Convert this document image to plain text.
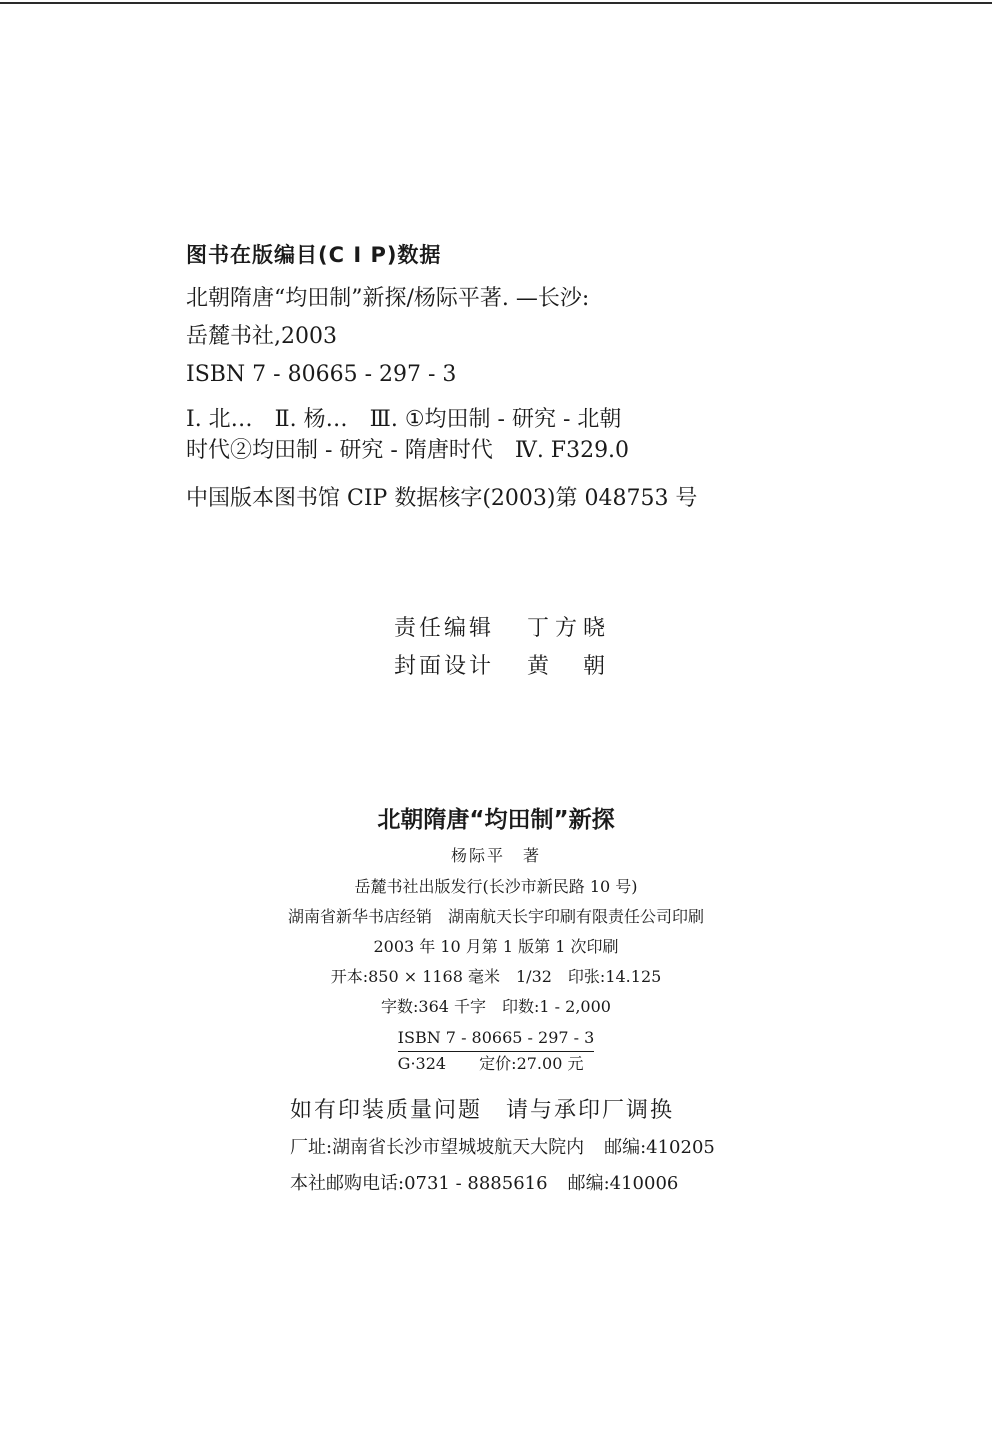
图书在版编目(C I P)数据
北朝隋唐“均田制”新探/杨际平著. —长沙:
岳麓书社,2003
ISBN 7 - 80665 - 297 - 3
Ⅰ. 北…　Ⅱ. 杨…　Ⅲ. ①均田制 - 研究 - 北朝
时代②均田制 - 研究 - 隋唐时代　Ⅳ. F329.0
中国版本图书馆 CIP 数据核字(2003)第 048753 号
责任编辑 丁方晓
封面设计 黄　朝
北朝隋唐“均田制”新探
杨际平　著
岳麓书社出版发行(长沙市新民路 10 号)
湖南省新华书店经销　湖南航天长宇印刷有限责任公司印刷
2003 年 10 月第 1 版第 1 次印刷
开本:850 × 1168 毫米　1/32　印张:14.125
字数:364 千字　印数:1 - 2,000
ISBN 7 - 80665 - 297 - 3
G·324 定价:27.00 元
如有印装质量问题　请与承印厂调换
厂址:湖南省长沙市望城坡航天大院内 邮编:410205
本社邮购电话:0731 - 8885616 邮编:410006
